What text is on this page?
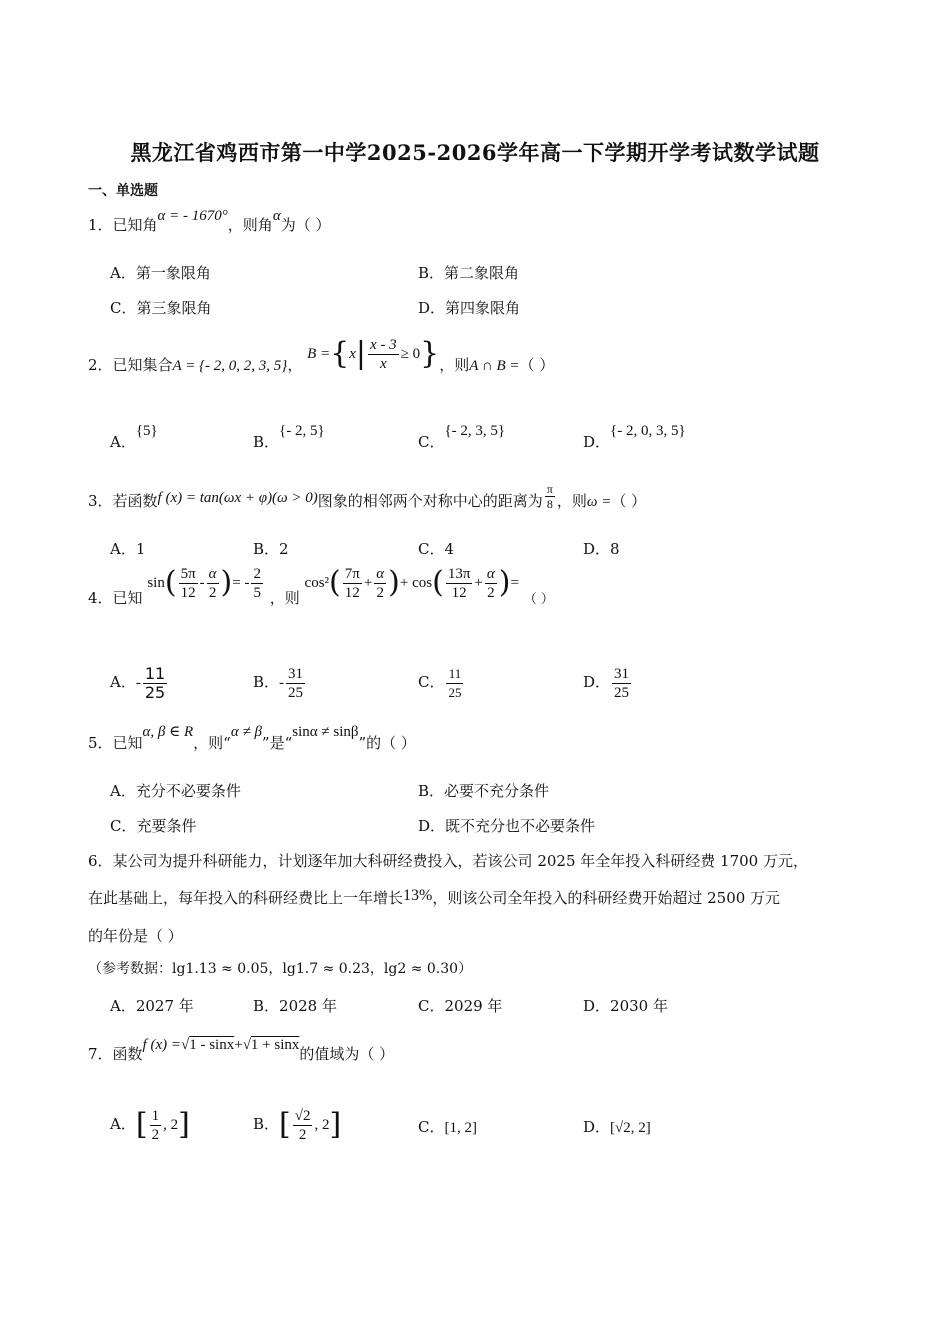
黑龙江省鸡西市第一中学2025-2026学年高一下学期开学考试数学试题
一、单选题
1．已知角α = - 1670°，则角α为（ ）
A．第一象限角	B．第二象限角
C．第三象限角	D．第四象限角
2．已知集合A = {- 2, 0, 2, 3, 5}， $B =\{x| \frac{x - 3}{x} \ge 0\}$，则A ∩ B =（ ）
A．{5}
B．{- 2, 5}
C．{- 2, 3, 5}
D．{- 2, 0, 3, 5}
3．若函数f (x) = tan(ωx + φ)(ω > 0)图象的相邻两个对称中心的距离为 $\frac{\pi}{8}$ ，则ω =（ ）
A．1	B．2	C．4	D．8
4．已知 $\sin( \frac{5\pi}{12} - \frac{\alpha}{2}$ )= - $\frac{2}{5}$ ，则 $\cos^2( \frac{7\pi}{12} + \frac{\alpha}{2}$ )+ $\cos( \frac{13\pi}{12} + \frac{\alpha}{2}$ )= （ ）
A．- $\frac{11}{25}$	B．- $\frac{31}{25}$	C． $\frac{11}{25}$	D． $\frac{31}{25}$
5．已知α, β ∈ R，则“α ≠ β”是“sinα ≠ sinβ”的（ ）
A．充分不必要条件	B．必要不充分条件
C．充要条件	D．既不充分也不必要条件
6．某公司为提升科研能力，计划逐年加大科研经费投入，若该公司 2025 年全年投入科研经费 1700 万元，
在此基础上，每年投入的科研经费比上一年增长13%，则该公司全年投入的科研经费开始超过 2500 万元
的年份是（ ）
（参考数据：lg1.13 ≈ 0.05，lg1.7 ≈ 0.23，lg2 ≈ 0.30）
A．2027 年	B．2028 年	C．2029 年	D．2030 年
7．函数f (x) =√1 - sinx+√1 + sinx的值域为（ ）
A．[ $\frac{1}{2}$ , 2]	B．[ $\frac{√2}{2}$ , 2]	C．[1, 2]	D．[√2, 2]
